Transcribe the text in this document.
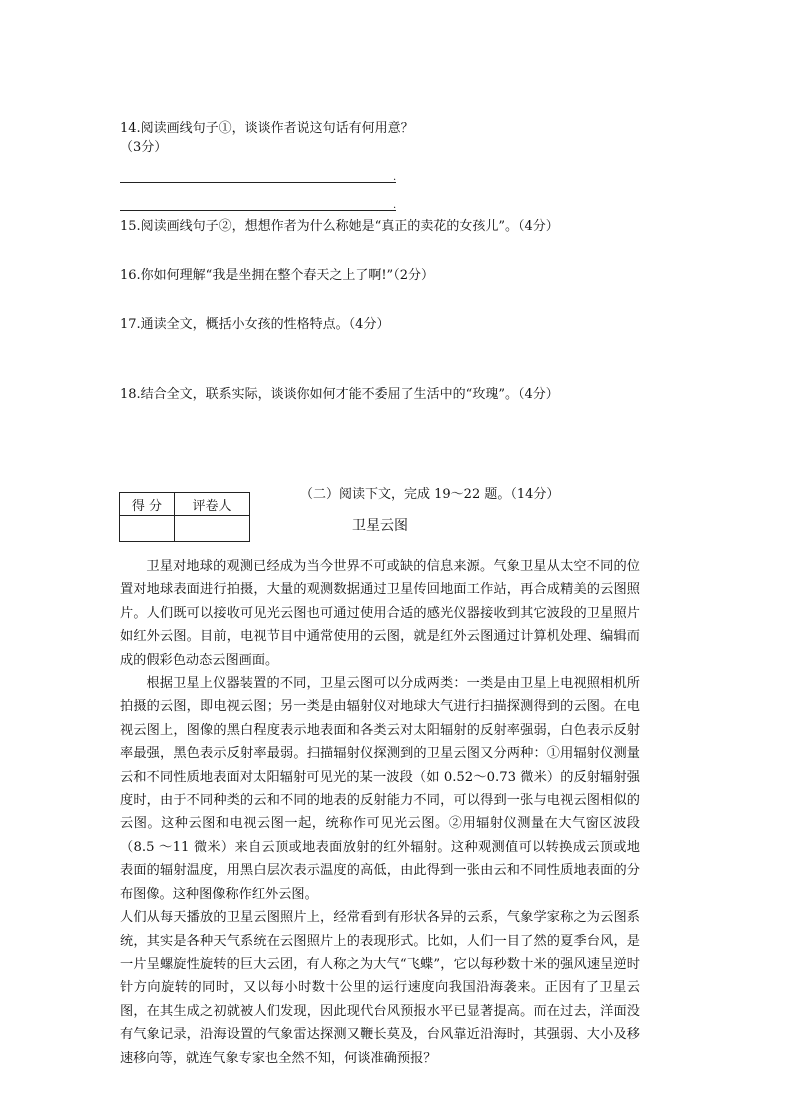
14.阅读画线句子①，谈谈作者说这句话有何用意？
（3分）
.
.
15.阅读画线句子②，想想作者为什么称她是“真正的卖花的女孩儿”。（4分）
16.你如何理解“我是坐拥在整个春天之上了啊!”（2分）
17.通读全文，概括小女孩的性格特点。（4分）
18.结合全文，联系实际，谈谈你如何才能不委屈了生活中的“玫瑰”。（4分）
得 分	评卷人

（二）阅读下文，完成 19～22 题。（14分）
卫星云图

卫星对地球的观测已经成为当今世界不可或缺的信息来源。气象卫星从太空不同的位置对地球表面进行拍摄，大量的观测数据通过卫星传回地面工作站，再合成精美的云图照片。人们既可以接收可见光云图也可通过使用合适的感光仪器接收到其它波段的卫星照片如红外云图。目前，电视节目中通常使用的云图，就是红外云图通过计算机处理、编辑而成的假彩色动态云图画面。

根据卫星上仪器装置的不同，卫星云图可以分成两类：一类是由卫星上电视照相机所拍摄的云图，即电视云图；另一类是由辐射仪对地球大气进行扫描探测得到的云图。在电视云图上，图像的黑白程度表示地表面和各类云对太阳辐射的反射率强弱，白色表示反射率最强，黑色表示反射率最弱。扫描辐射仪探测到的卫星云图又分两种：①用辐射仪测量云和不同性质地表面对太阳辐射可见光的某一波段（如 0.52～0.73 微米）的反射辐射强度时，由于不同种类的云和不同的地表的反射能力不同，可以得到一张与电视云图相似的云图。这种云图和电视云图一起，统称作可见光云图。②用辐射仪测量在大气窗区波段（8.5 ～11 微米）来自云顶或地表面放射的红外辐射。这种观测值可以转换成云顶或地表面的辐射温度，用黑白层次表示温度的高低，由此得到一张由云和不同性质地表面的分布图像。这种图像称作红外云图。

人们从每天播放的卫星云图照片上，经常看到有形状各异的云系，气象学家称之为云图系统，其实是各种天气系统在云图照片上的表现形式。比如，人们一目了然的夏季台风，是一片呈螺旋性旋转的巨大云团，有人称之为大气“飞蝶”，它以每秒数十米的强风速呈逆时针方向旋转的同时，又以每小时数十公里的运行速度向我国沿海袭来。正因有了卫星云图，在其生成之初就被人们发现，因此现代台风预报水平已显著提高。而在过去，洋面没有气象记录，沿海设置的气象雷达探测又鞭长莫及，台风靠近沿海时，其强弱、大小及移速移向等，就连气象专家也全然不知，何谈准确预报？
